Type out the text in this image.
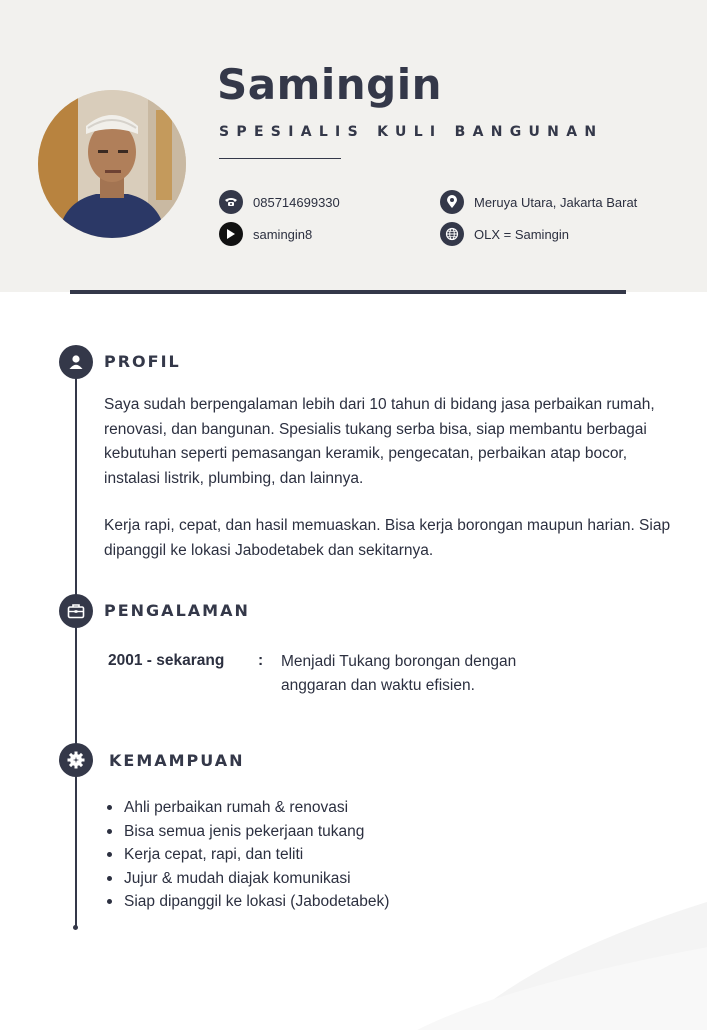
Samingin
SPESIALIS KULI BANGUNAN
085714699330
samingin8
Meruya Utara, Jakarta Barat
OLX = Samingin
PROFIL

Saya sudah berpengalaman lebih dari 10 tahun di bidang jasa perbaikan rumah, renovasi, dan bangunan. Spesialis tukang serba bisa, siap membantu berbagai kebutuhan seperti pemasangan keramik, pengecatan, perbaikan atap bocor, instalasi listrik, plumbing, dan lainnya.

Kerja rapi, cepat, dan hasil memuaskan. Bisa kerja borongan maupun harian. Siap dipanggil ke lokasi Jabodetabek dan sekitarnya.

PENGALAMAN
2001 - sekarang : Menjadi Tukang borongan dengan anggaran dan waktu efisien.
KEMAMPUAN
Ahli perbaikan rumah & renovasi
Bisa semua jenis pekerjaan tukang
Kerja cepat, rapi, dan teliti
Jujur & mudah diajak komunikasi
Siap dipanggil ke lokasi (Jabodetabek)
